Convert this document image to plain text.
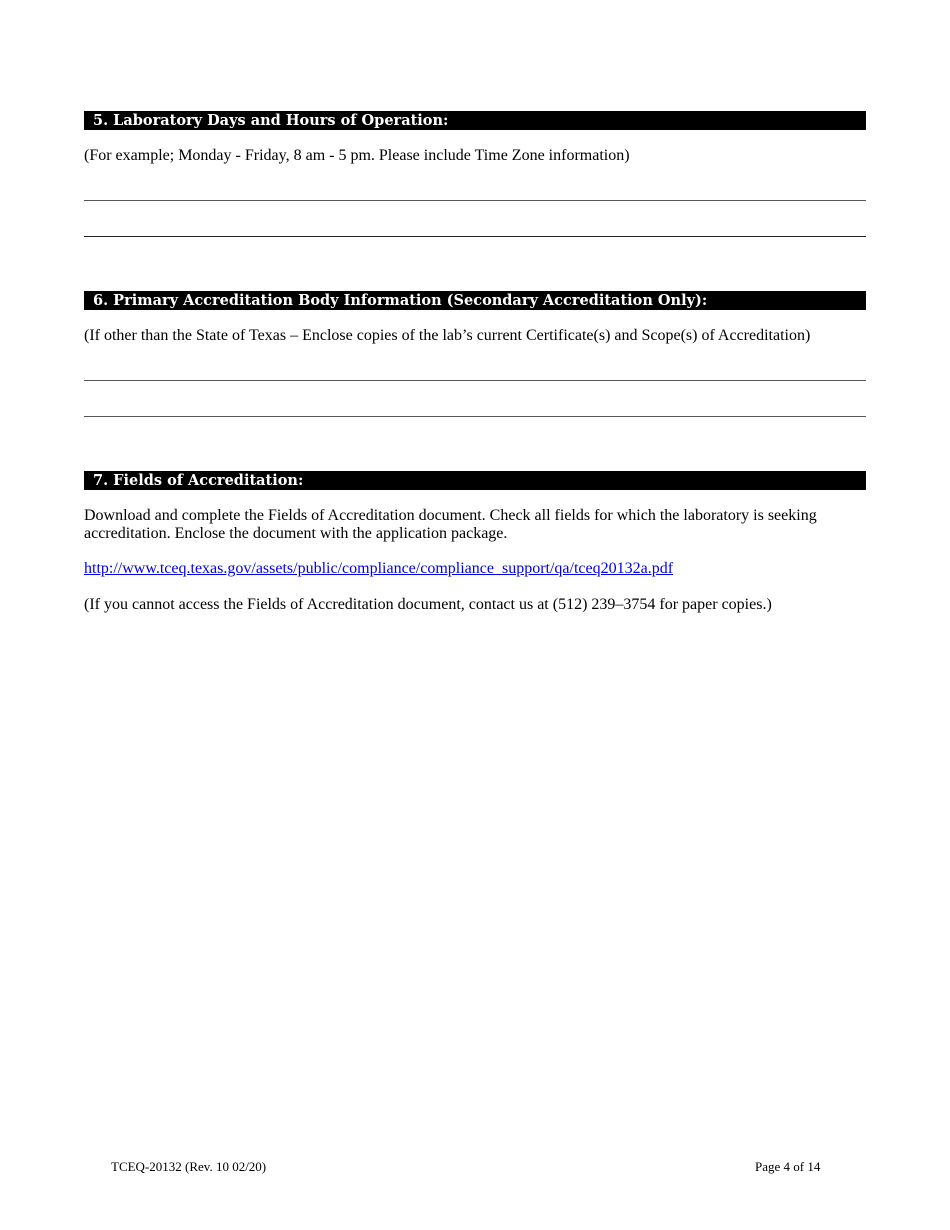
5. Laboratory Days and Hours of Operation:
(For example; Monday - Friday, 8 am - 5 pm. Please include Time Zone information)
6. Primary Accreditation Body Information (Secondary Accreditation Only):
(If other than the State of Texas – Enclose copies of the lab’s current Certificate(s) and Scope(s) of Accreditation)
7. Fields of Accreditation:
Download and complete the Fields of Accreditation document. Check all fields for which the laboratory is seeking accreditation. Enclose the document with the application package.
http://www.tceq.texas.gov/assets/public/compliance/compliance_support/qa/tceq20132a.pdf
(If you cannot access the Fields of Accreditation document, contact us at (512) 239–3754 for paper copies.)
TCEQ-20132 (Rev. 10 02/20)	Page 4 of 14
